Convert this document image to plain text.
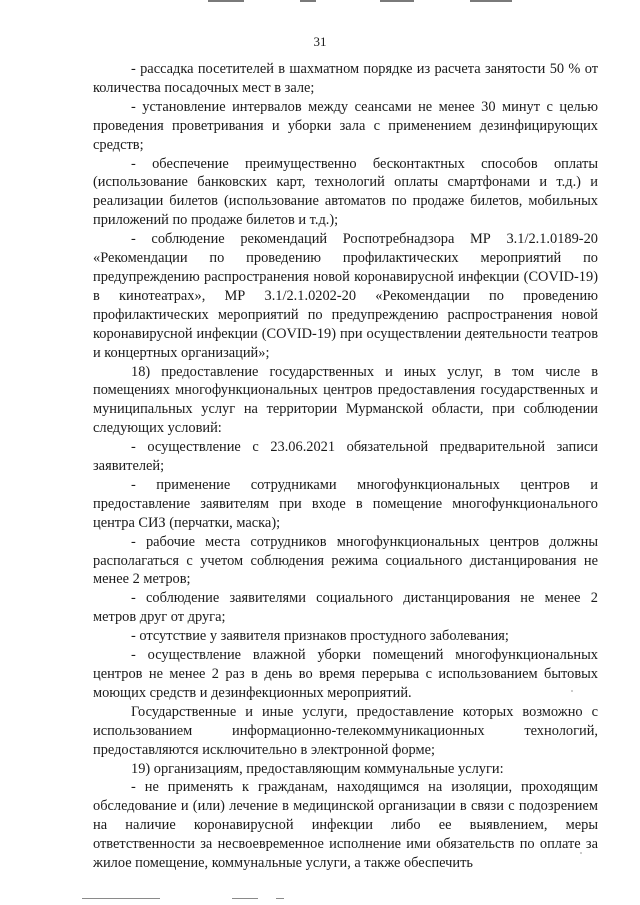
31

- рассадка посетителей в шахматном порядке из расчета занятости 50 % от количества посадочных мест в зале;

- установление интервалов между сеансами не менее 30 минут с целью проведения проветривания и уборки зала с применением дезинфицирующих средств;

- обеспечение преимущественно бесконтактных способов оплаты (использование банковских карт, технологий оплаты смартфонами и т.д.) и реализации билетов (использование автоматов по продаже билетов, мобильных приложений по продаже билетов и т.д.);

- соблюдение рекомендаций Роспотребнадзора МР 3.1/2.1.0189-20 «Рекомендации по проведению профилактических мероприятий по предупреждению распространения новой коронавирусной инфекции (COVID-19) в кинотеатрах», МР 3.1/2.1.0202-20 «Рекомендации по проведению профилактических мероприятий по предупреждению распространения новой коронавирусной инфекции (COVID-19) при осуществлении деятельности театров и концертных организаций»;

18) предоставление государственных и иных услуг, в том числе в помещениях многофункциональных центров предоставления государственных и муниципальных услуг на территории Мурманской области, при соблюдении следующих условий:

- осуществление с 23.06.2021 обязательной предварительной записи заявителей;

- применение сотрудниками многофункциональных центров и предоставление заявителям при входе в помещение многофункционального центра СИЗ (перчатки, маска);

- рабочие места сотрудников многофункциональных центров должны располагаться с учетом соблюдения режима социального дистанцирования не менее 2 метров;

- соблюдение заявителями социального дистанцирования не менее 2 метров друг от друга;

- отсутствие у заявителя признаков простудного заболевания;

- осуществление влажной уборки помещений многофункциональных центров не менее 2 раз в день во время перерыва с использованием бытовых моющих средств и дезинфекционных мероприятий.

Государственные и иные услуги, предоставление которых возможно с использованием информационно-телекоммуникационных технологий, предоставляются исключительно в электронной форме;

19) организациям, предоставляющим коммунальные услуги:

- не применять к гражданам, находящимся на изоляции, проходящим обследование и (или) лечение в медицинской организации в связи с подозрением на наличие коронавирусной инфекции либо ее выявлением, меры ответственности за несвоевременное исполнение ими обязательств по оплате за жилое помещение, коммунальные услуги, а также обеспечить
